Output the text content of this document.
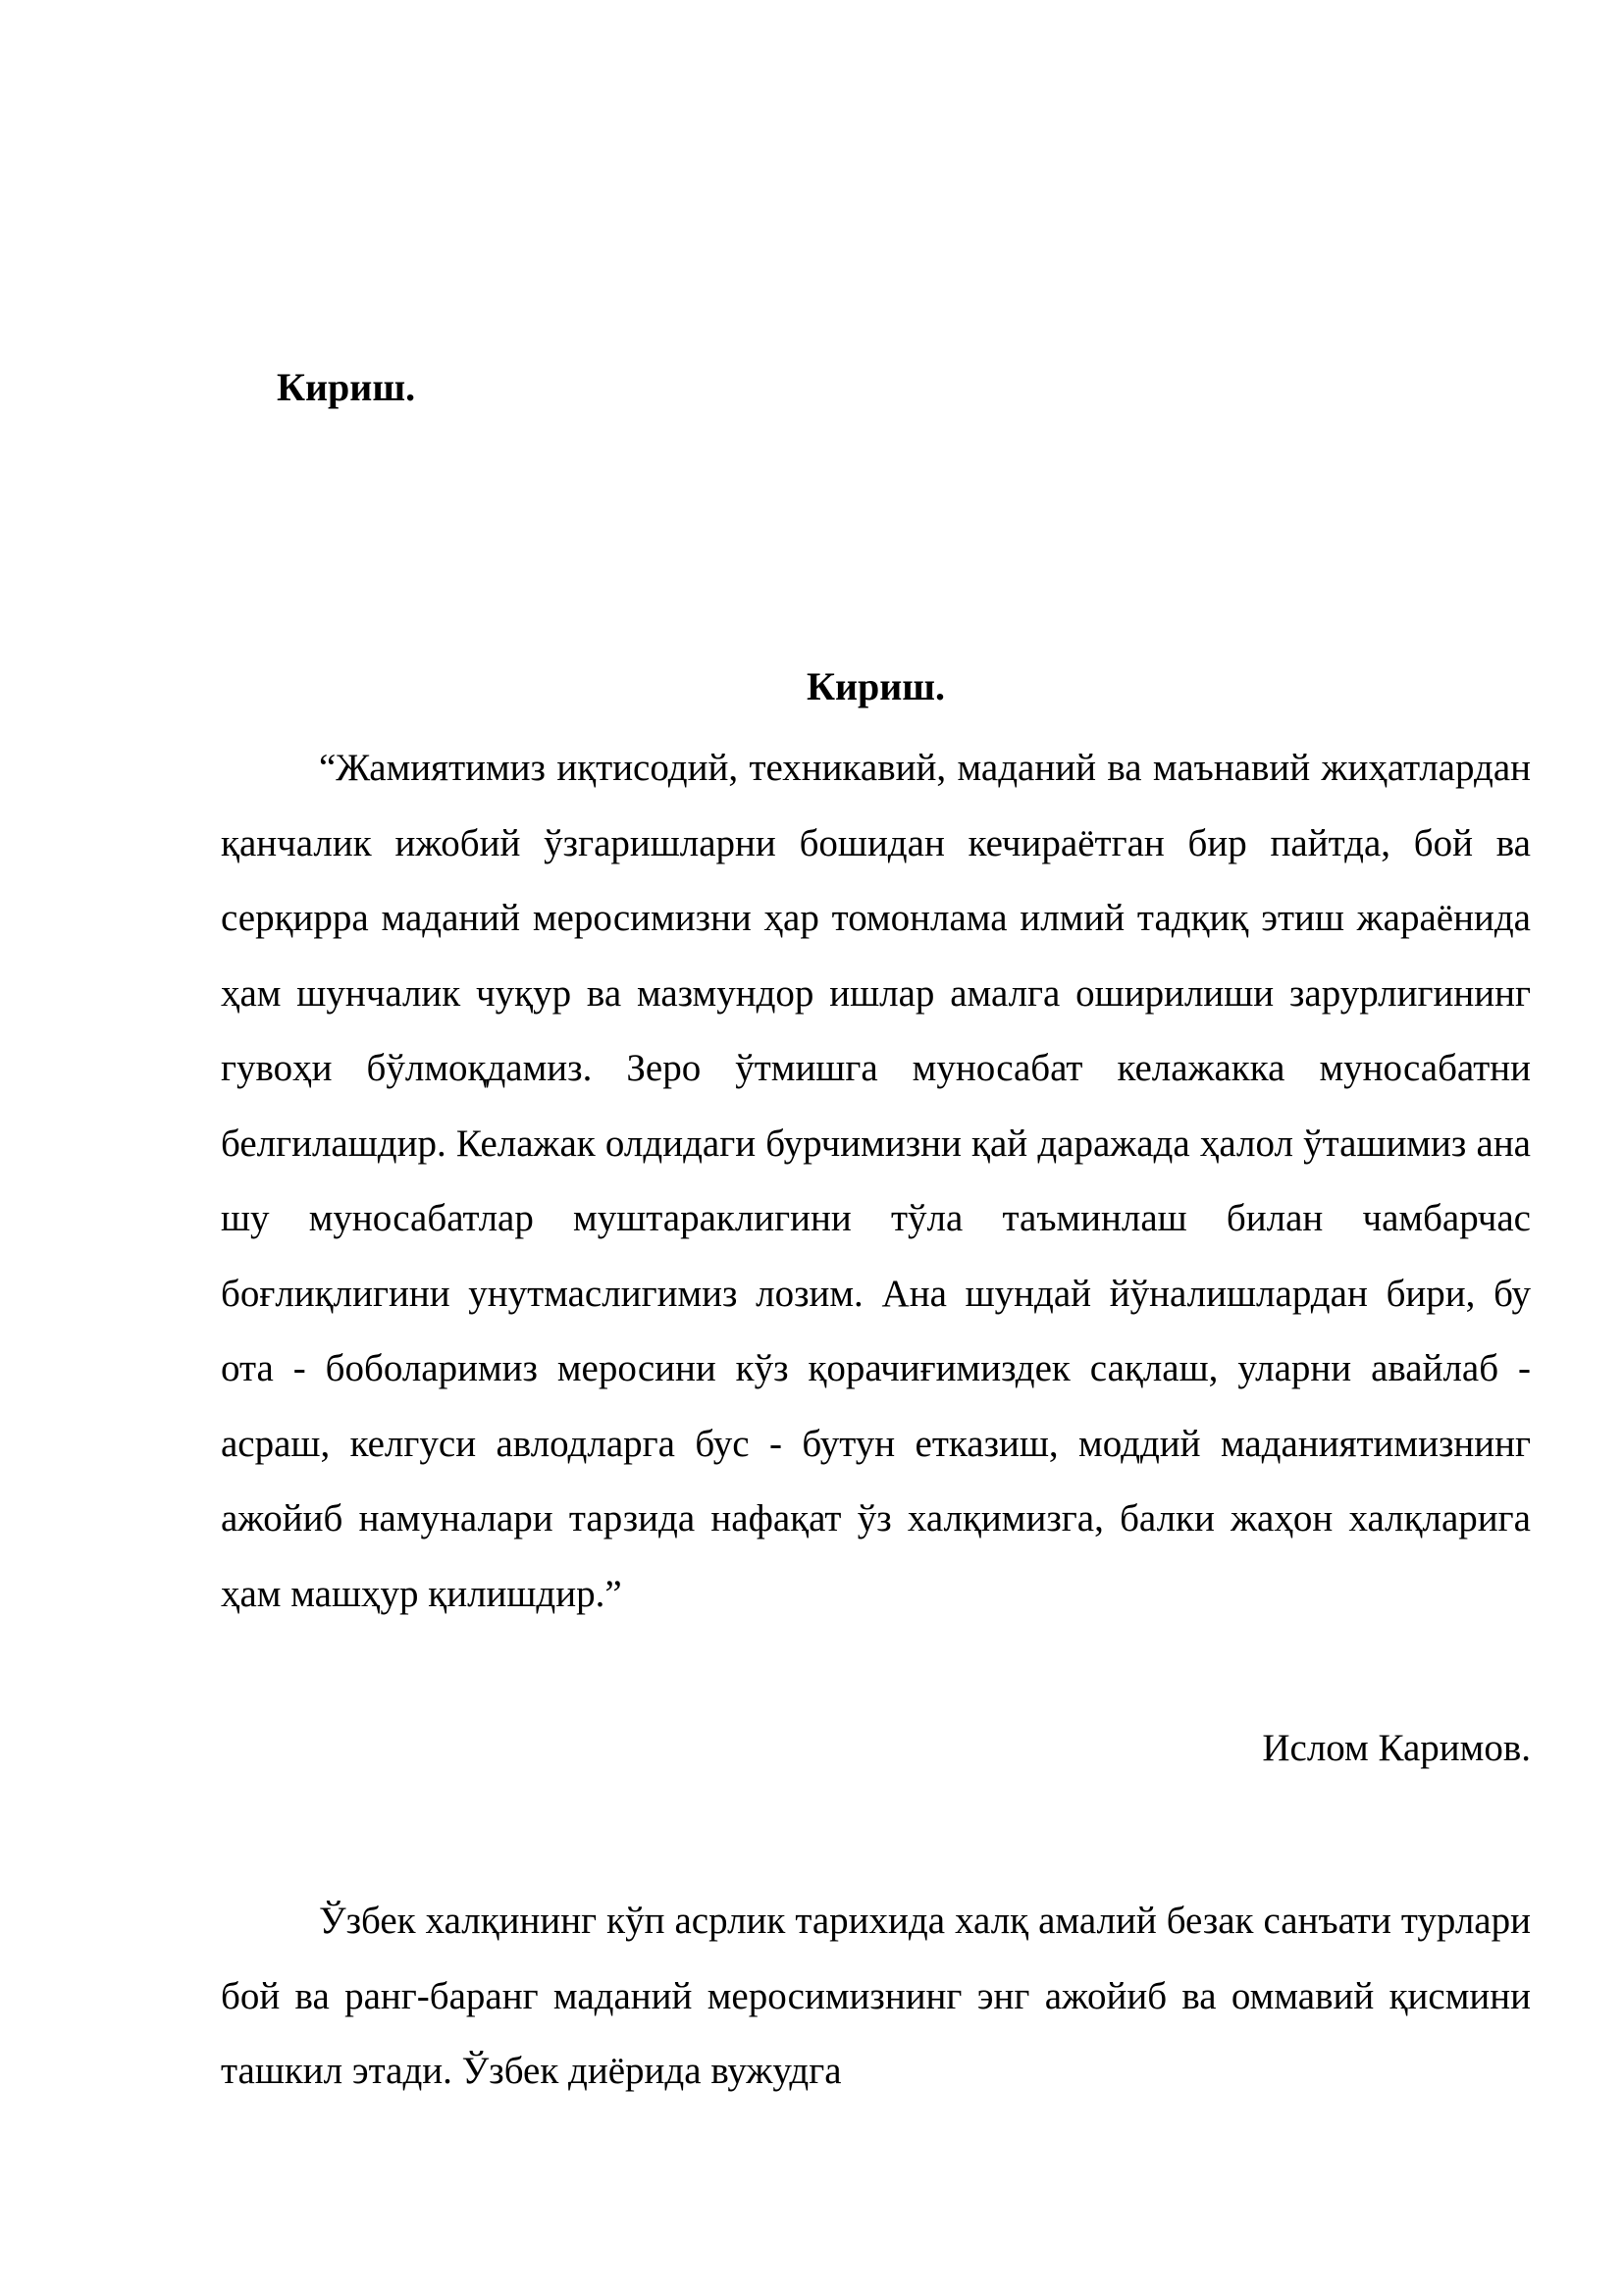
Кириш.
Кириш.

“Жамиятимиз иқтисодий, техникавий, маданий ва маънавий жиҳатлардан қанчалик ижобий ўзгаришларни бошидан кечираётган бир пайтда, бой ва серқирра маданий меросимизни ҳар томонлама илмий тадқиқ этиш жараёнида ҳам шунчалик чуқур ва мазмундор ишлар амалга оширилиши зарурлигининг гувоҳи бўлмоқдамиз. Зеро ўтмишга муносабат келажакка муносабатни белгилашдир. Келажак олдидаги бурчимизни қай даражада ҳалол ўташимиз ана шу муносабатлар муштараклигини тўла таъминлаш билан чамбарчас боғлиқлигини унутмаслигимиз лозим. Ана шундай йўналишлардан бири, бу ота - боболаримиз меросини кўз қорачиғимиздек сақлаш, уларни авайлаб - асраш, келгуси авлодларга бус - бутун етказиш, моддий маданиятимизнинг ажойиб намуналари тарзида нафақат ўз халқимизга, балки жаҳон халқларига ҳам машҳур қилишдир.”

Ислом Каримов.

Ўзбек халқининг кўп асрлик тарихида халқ амалий безак санъати турлари бой ва ранг-баранг маданий меросимизнинг энг ажойиб ва оммавий қисмини ташкил этади. Ўзбек диёрида вужудга
